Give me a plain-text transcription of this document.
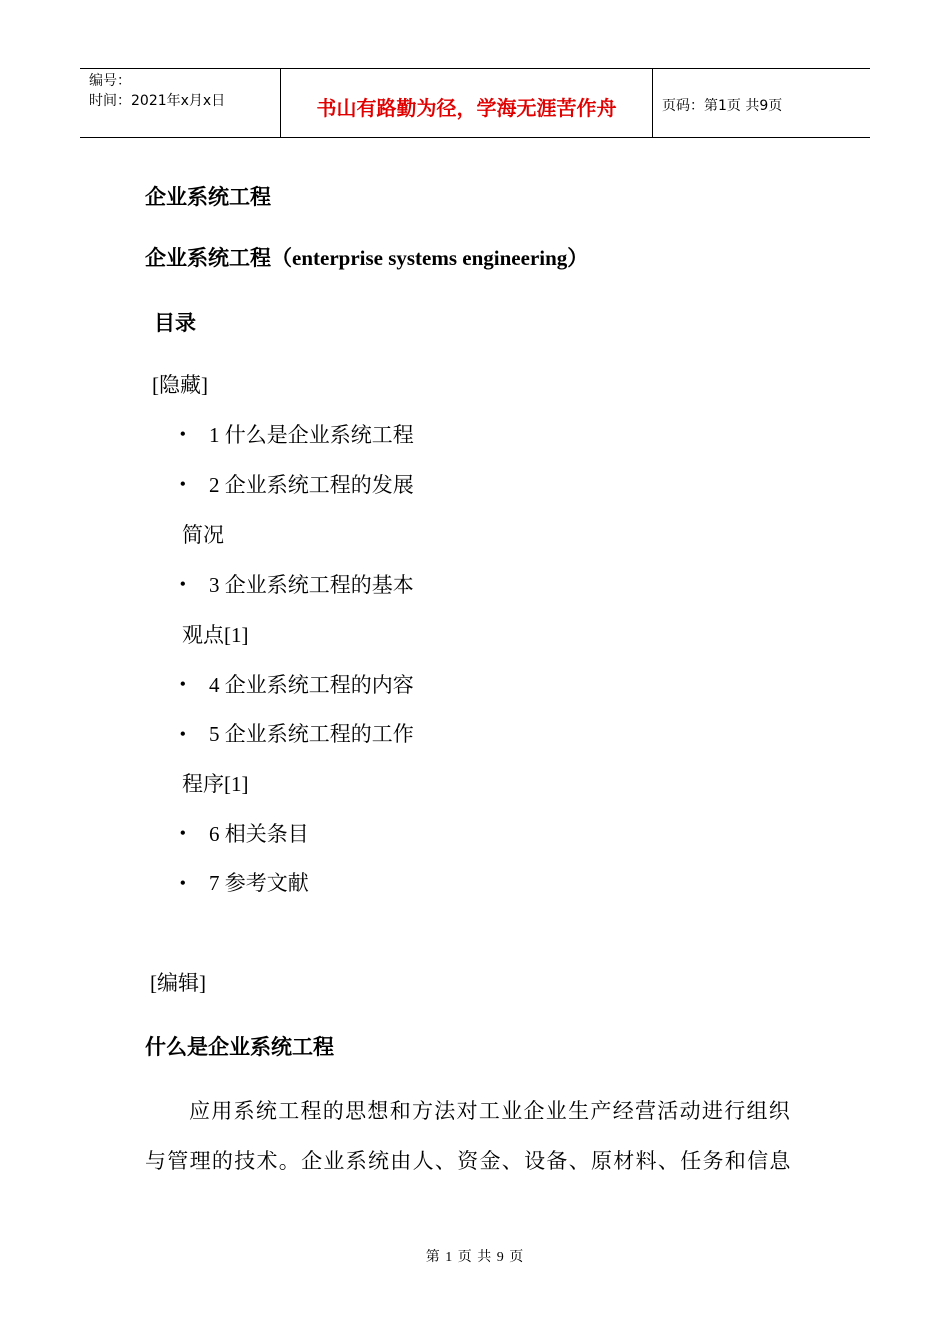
编号：
时间：2021年x月x日	书山有路勤为径，学海无涯苦作舟	页码：第1页 共9页
企业系统工程
企业系统工程（enterprise systems engineering）
目录
[隐藏]
• 1 什么是企业系统工程
• 2 企业系统工程的发展
简况
• 3 企业系统工程的基本
观点[1]
• 4 企业系统工程的内容
• 5 企业系统工程的工作
程序[1]
• 6 相关条目
• 7 参考文献
[编辑]
什么是企业系统工程
应用系统工程的思想和方法对工业企业生产经营活动进行组织
与管理的技术。企业系统由人、资金、设备、原材料、任务和信息
第 1 页 共 9 页
